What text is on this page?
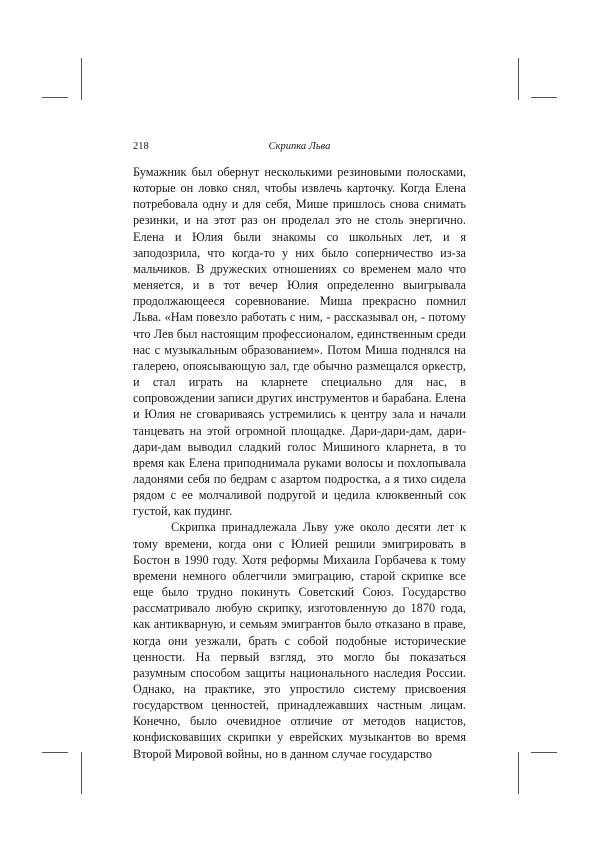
218	Скрипка Льва

Бумажник был обернут несколькими резиновыми полосками, которые он ловко снял, чтобы извлечь карточку. Когда Елена потребовала одну и для себя, Мише пришлось снова снимать резинки, и на этот раз он проделал это не столь энергично. Елена и Юлия были знакомы со школьных лет, и я заподозрила, что когда-то у них было соперничество из-за мальчиков. В дружеских отношениях со временем мало что меняется, и в тот вечер Юлия определенно выигрывала продолжающееся соревнование. Миша прекрасно помнил Льва. «Нам повезло работать с ним, - рассказывал он, - потому что Лев был настоящим профессионалом, единственным среди нас с музыкальным образованием». Потом Миша поднялся на галерею, опоясывающую зал, где обычно размещался оркестр, и стал играть на кларнете специально для нас, в сопровождении записи других инструментов и барабана. Елена и Юлия не сговариваясь устремились к центру зала и начали танцевать на этой огромной площадке. Дари-дари-дам, дари-дари-дам выводил сладкий голос Мишиного кларнета, в то время как Елена приподнимала руками волосы и похлопывала ладонями себя по бедрам с азартом подростка, а я тихо сидела рядом с ее молчаливой подругой и цедила клюквенный сок густой, как пудинг.

Скрипка принадлежала Льву уже около десяти лет к тому времени, когда они с Юлией решили эмигрировать в Бостон в 1990 году. Хотя реформы Михаила Горбачева к тому времени немного облегчили эмиграцию, старой скрипке все еще было трудно покинуть Советский Союз. Государство рассматривало любую скрипку, изготовленную до 1870 года, как антикварную, и семьям эмигрантов было отказано в праве, когда они уезжали, брать с собой подобные исторические ценности. На первый взгляд, это могло бы показаться разумным способом защиты национального наследия России. Однако, на практике, это упростило систему присвоения государством ценностей, принадлежавших частным лицам. Конечно, было очевидное отличие от методов нацистов, конфисковавших скрипки у еврейских музыкантов во время Второй Мировой войны, но в данном случае государство
